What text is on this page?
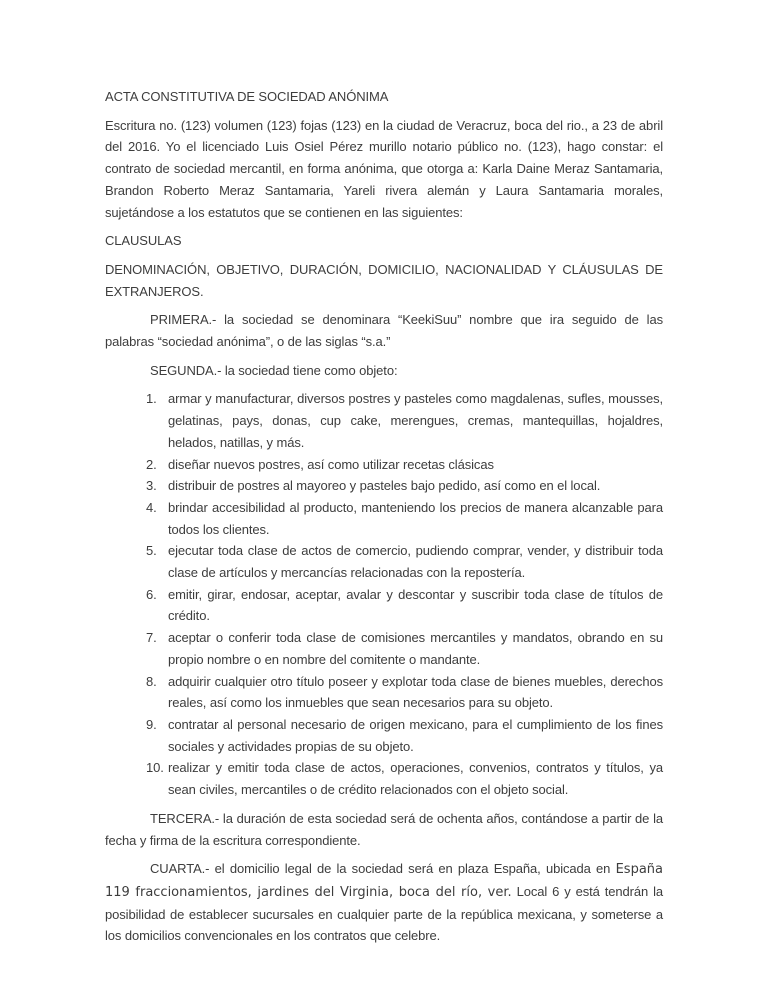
ACTA CONSTITUTIVA DE SOCIEDAD ANÓNIMA

Escritura no. (123) volumen (123) fojas (123) en la ciudad de Veracruz, boca del rio., a 23 de abril del 2016. Yo el licenciado Luis Osiel Pérez murillo notario público no. (123), hago constar: el contrato de sociedad mercantil, en forma anónima, que otorga a: Karla Daine Meraz Santamaria, Brandon Roberto Meraz Santamaria, Yareli rivera alemán y Laura Santamaria morales, sujetándose a los estatutos que se contienen en las siguientes:

CLAUSULAS

DENOMINACIÓN, OBJETIVO, DURACIÓN, DOMICILIO, NACIONALIDAD Y CLÁUSULAS DE EXTRANJEROS.

PRIMERA.- la sociedad se denominara “KeekiSuu” nombre que ira seguido de las palabras “sociedad anónima”, o de las siglas “s.a.”

SEGUNDA.- la sociedad tiene como objeto:

armar y manufacturar, diversos postres y pasteles como magdalenas, sufles, mousses, gelatinas, pays, donas, cup cake, merengues, cremas, mantequillas, hojaldres, helados, natillas, y más.
diseñar nuevos postres, así como utilizar recetas clásicas
distribuir de postres al mayoreo y pasteles bajo pedido, así como en el local.
brindar accesibilidad al producto, manteniendo los precios de manera alcanzable para todos los clientes.
ejecutar toda clase de actos de comercio, pudiendo comprar, vender, y distribuir toda clase de artículos y mercancías relacionadas con la repostería.
emitir, girar, endosar, aceptar, avalar y descontar y suscribir toda clase de títulos de crédito.
aceptar o conferir toda clase de comisiones mercantiles y mandatos, obrando en su propio nombre o en nombre del comitente o mandante.
adquirir cualquier otro título poseer y explotar toda clase de bienes muebles, derechos reales, así como los inmuebles que sean necesarios para su objeto.
contratar al personal necesario de origen mexicano, para el cumplimiento de los fines sociales y actividades propias de su objeto.
realizar y emitir toda clase de actos, operaciones, convenios, contratos y títulos, ya sean civiles, mercantiles o de crédito relacionados con el objeto social.

TERCERA.- la duración de esta sociedad será de ochenta años, contándose a partir de la fecha y firma de la escritura correspondiente.

CUARTA.- el domicilio legal de la sociedad será en plaza España, ubicada en España 119 fraccionamientos, jardines del Virginia, boca del río, ver. Local 6 y está tendrán la posibilidad de establecer sucursales en cualquier parte de la república mexicana, y someterse a los domicilios convencionales en los contratos que celebre.
